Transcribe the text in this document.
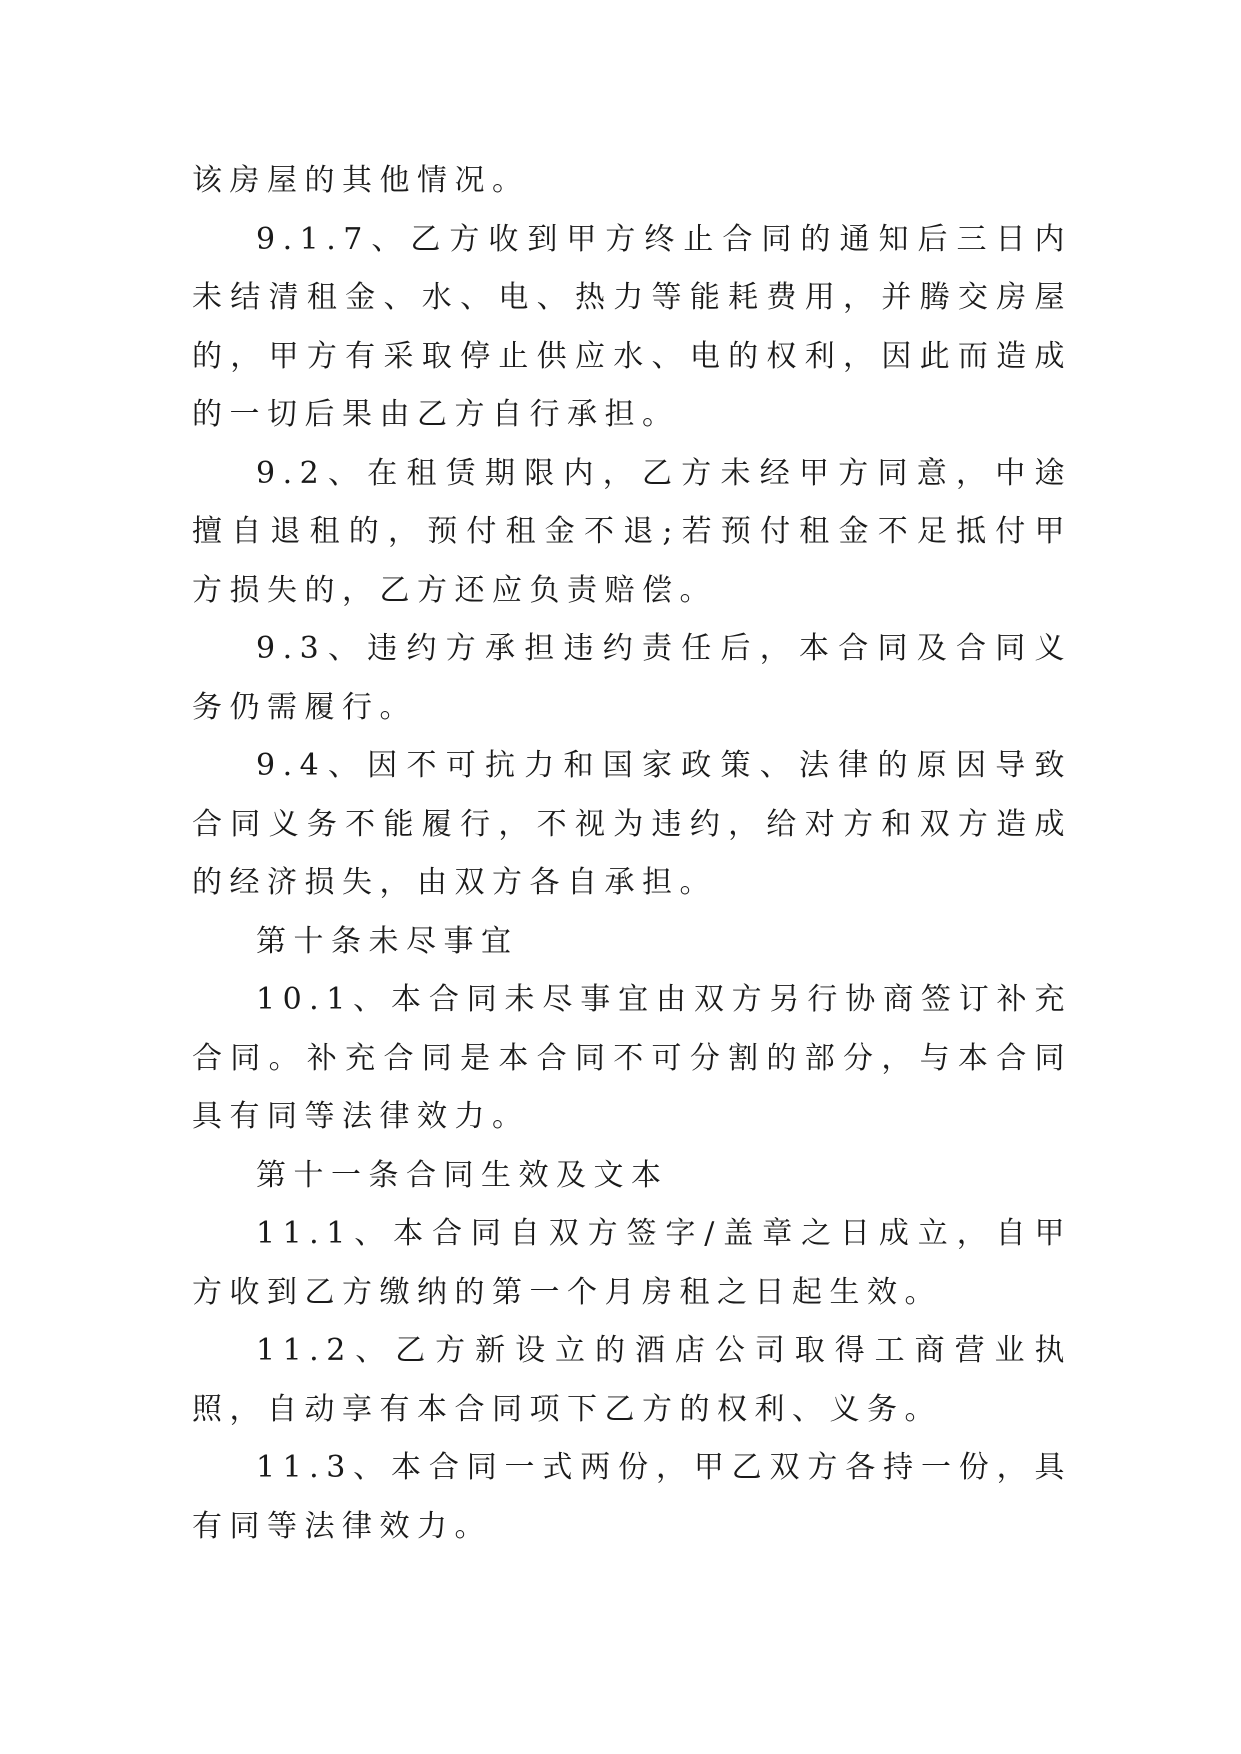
该房屋的其他情况。

9.1.7、乙方收到甲方终止合同的通知后三日内未结清租金、水、电、热力等能耗费用，并腾交房屋的，甲方有采取停止供应水、电的权利，因此而造成的一切后果由乙方自行承担。

9.2、在租赁期限内，乙方未经甲方同意，中途擅自退租的，预付租金不退;若预付租金不足抵付甲方损失的，乙方还应负责赔偿。

9.3、违约方承担违约责任后，本合同及合同义务仍需履行。

9.4、因不可抗力和国家政策、法律的原因导致合同义务不能履行，不视为违约，给对方和双方造成的经济损失，由双方各自承担。

第十条未尽事宜

10.1、本合同未尽事宜由双方另行协商签订补充合同。补充合同是本合同不可分割的部分，与本合同具有同等法律效力。

第十一条合同生效及文本

11.1、本合同自双方签字/盖章之日成立，自甲方收到乙方缴纳的第一个月房租之日起生效。

11.2、乙方新设立的酒店公司取得工商营业执照，自动享有本合同项下乙方的权利、义务。

11.3、本合同一式两份，甲乙双方各持一份，具有同等法律效力。
